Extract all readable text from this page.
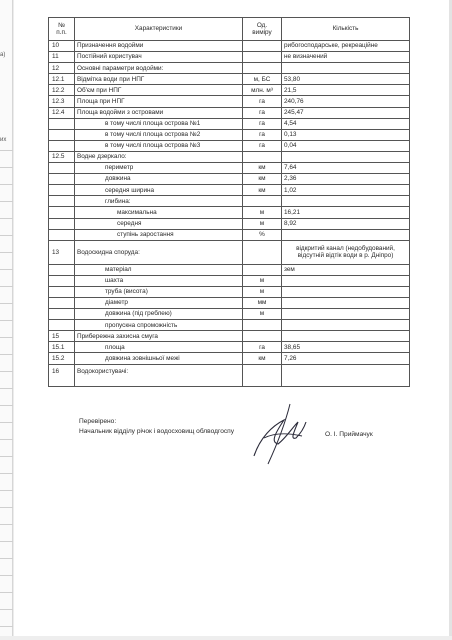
a)
их
№
п.п.	Характеристики	Од.
виміру	Кількість
10	Призначення водойми		рибогосподарське, рекреаційне
11	Постійний користувач		не визначений
12	Основні параметри водойми:		
12.1	Відмітка води при НПГ	м, БС	53,80
12.2	Об'єм при НПГ	млн. м³	21,5
12.3	Площа при НПГ	га	240,76
12.4	Площа водойми з островами	га	245,47
	в тому числі площа острова №1	га	4,54
	в тому числі площа острова №2	га	0,13
	в тому числі площа острова №3	га	0,04
12.5	Водне дзеркало:		
	периметр	км	7,64
	довжина	км	2,36
	середня ширина	км	1,02
	глибина:		
	максимальна	м	16,21
	середня	м	8,92
	ступінь заростання	%	
13	Водоскидна споруда:		відкритий канал (недобудований, відсутній відтік води в р. Дніпро)
	матеріал		зем
	шахта	м	
	труба (висота)	м	
	діаметр	мм	
	довжина (під греблею)	м	
	пропускна спроможність		
15	Прибережна захисна смуга		
15.1	площа	га	38,65
15.2	довжина зовнішньої межі	км	7,26
16	Водокористувачі:		
Перевірено:
Начальник відділу річок і водосховищ облводгоспу	О. І. Приймачук
